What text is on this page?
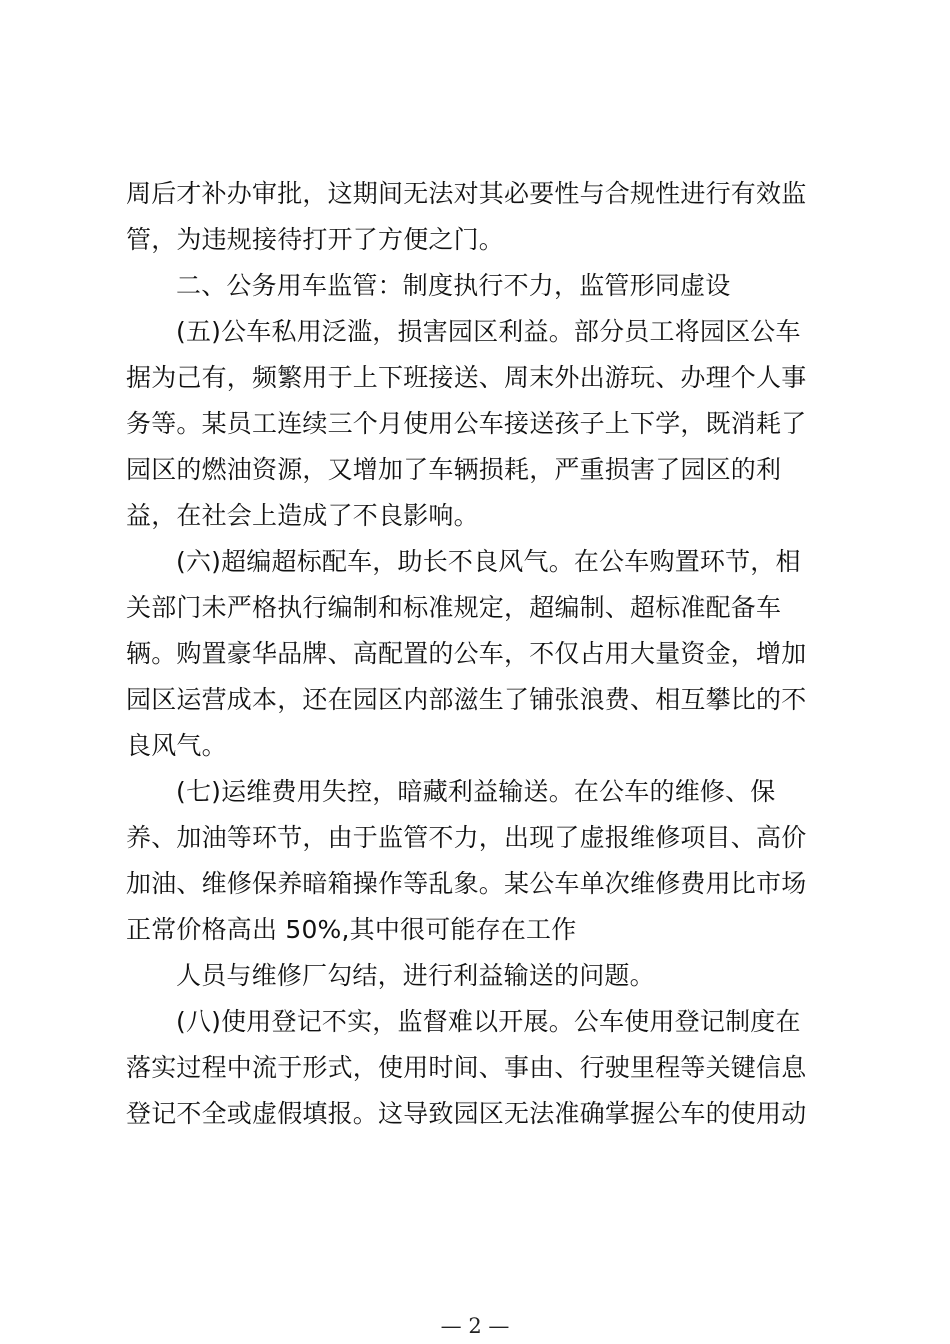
周后才补办审批，这期间无法对其必要性与合规性进行有效监
管，为违规接待打开了方便之门。
二、公务用车监管：制度执行不力，监管形同虚设
(五)公车私用泛滥，损害园区利益。部分员工将园区公车
据为己有，频繁用于上下班接送、周末外出游玩、办理个人事
务等。某员工连续三个月使用公车接送孩子上下学，既消耗了
园区的燃油资源，又增加了车辆损耗，严重损害了园区的利
益，在社会上造成了不良影响。
(六)超编超标配车，助长不良风气。在公车购置环节，相
关部门未严格执行编制和标准规定，超编制、超标准配备车
辆。购置豪华品牌、高配置的公车，不仅占用大量资金，增加
园区运营成本，还在园区内部滋生了铺张浪费、相互攀比的不
良风气。
(七)运维费用失控，暗藏利益输送。在公车的维修、保
养、加油等环节，由于监管不力，出现了虚报维修项目、高价
加油、维修保养暗箱操作等乱象。某公车单次维修费用比市场
正常价格高出 50%,其中很可能存在工作
人员与维修厂勾结，进行利益输送的问题。
(八)使用登记不实，监督难以开展。公车使用登记制度在
落实过程中流于形式，使用时间、事由、行驶里程等关键信息
登记不全或虚假填报。这导致园区无法准确掌握公车的使用动
— 2 —
